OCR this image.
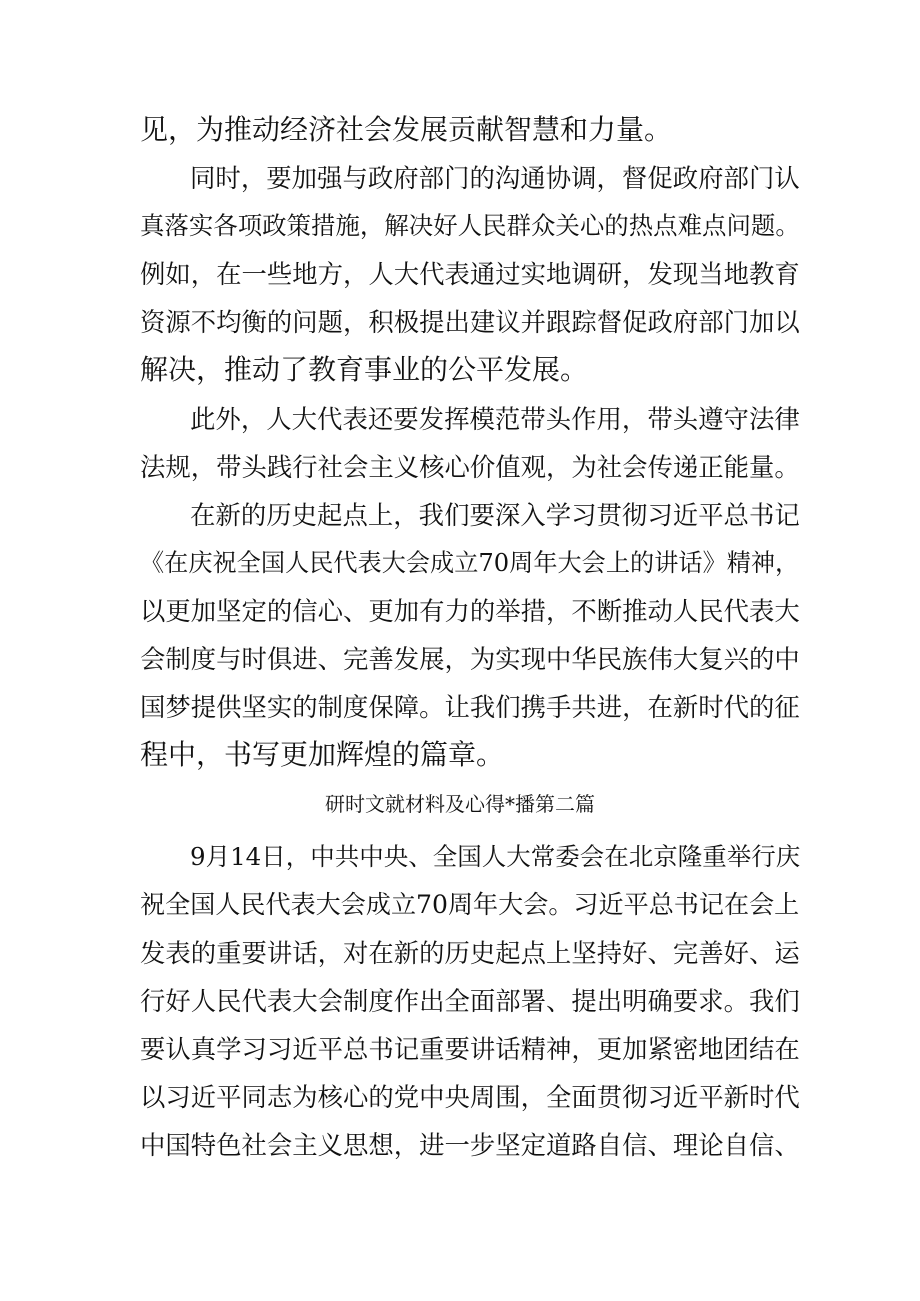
见，为推动经济社会发展贡献智慧和力量。
同时，要加强与政府部门的沟通协调，督促政府部门认
真落实各项政策措施，解决好人民群众关心的热点难点问题。
例如，在一些地方，人大代表通过实地调研，发现当地教育
资源不均衡的问题，积极提出建议并跟踪督促政府部门加以
解决，推动了教育事业的公平发展。
此外，人大代表还要发挥模范带头作用，带头遵守法律
法规，带头践行社会主义核心价值观，为社会传递正能量。
在新的历史起点上，我们要深入学习贯彻习近平总书记
《在庆祝全国人民代表大会成立70周年大会上的讲话》精神，
以更加坚定的信心、更加有力的举措，不断推动人民代表大
会制度与时俱进、完善发展，为实现中华民族伟大复兴的中
国梦提供坚实的制度保障。让我们携手共进，在新时代的征
程中，书写更加辉煌的篇章。
研时文就材料及心得*播第二篇
9月14日，中共中央、全国人大常委会在北京隆重举行庆
祝全国人民代表大会成立70周年大会。习近平总书记在会上
发表的重要讲话，对在新的历史起点上坚持好、完善好、运
行好人民代表大会制度作出全面部署、提出明确要求。我们
要认真学习习近平总书记重要讲话精神，更加紧密地团结在
以习近平同志为核心的党中央周围，全面贯彻习近平新时代
中国特色社会主义思想，进一步坚定道路自信、理论自信、
